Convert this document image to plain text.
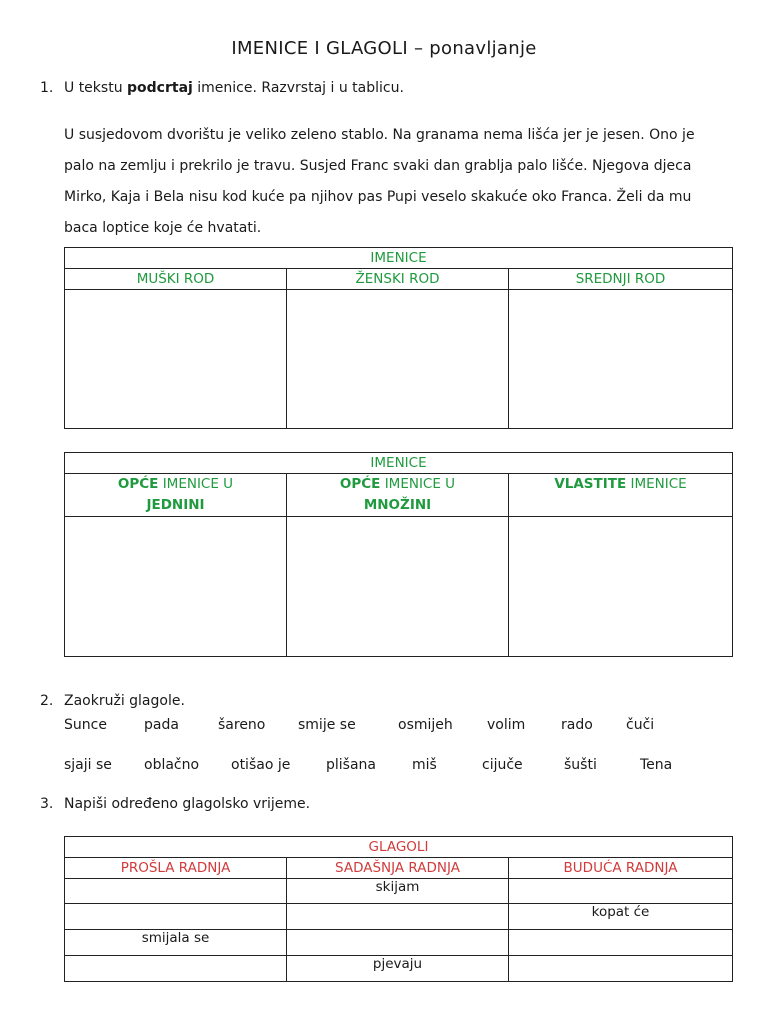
IMENICE I GLAGOLI – ponavljanje
1. U tekstu podcrtaj imenice. Razvrstaj i u tablicu.
U susjedovom dvorištu je veliko zeleno stablo. Na granama nema lišća jer je jesen. Ono je
palo na zemlju i prekrilo je travu. Susjed Franc svaki dan grablja palo lišće. Njegova djeca
Mirko, Kaja i Bela nisu kod kuće pa njihov pas Pupi veselo skakuće oko Franca. Želi da mu
baca loptice koje će hvatati.
IMENICE		
MUŠKI ROD	ŽENSKI ROD	SREDNJI ROD

IMENICE		
OPĆE IMENICE U
JEDNINI	OPĆE IMENICE U
MNOŽINI	VLASTITE IMENICE

2. Zaokruži glagole.
Sunce	pada	šareno smije se	osmijeh volim	rado čuči
sjaji se oblačno otišao je	plišana	miš	cijuče	šušti	Tena
3. Napiši određeno glagolsko vrijeme.
GLAGOLI		
PROŠLA RADNJA	SADAŠNJA RADNJA	BUDUĆA RADNJA
	skijam	
		kopat će
smijala se		
	pjevaju	
